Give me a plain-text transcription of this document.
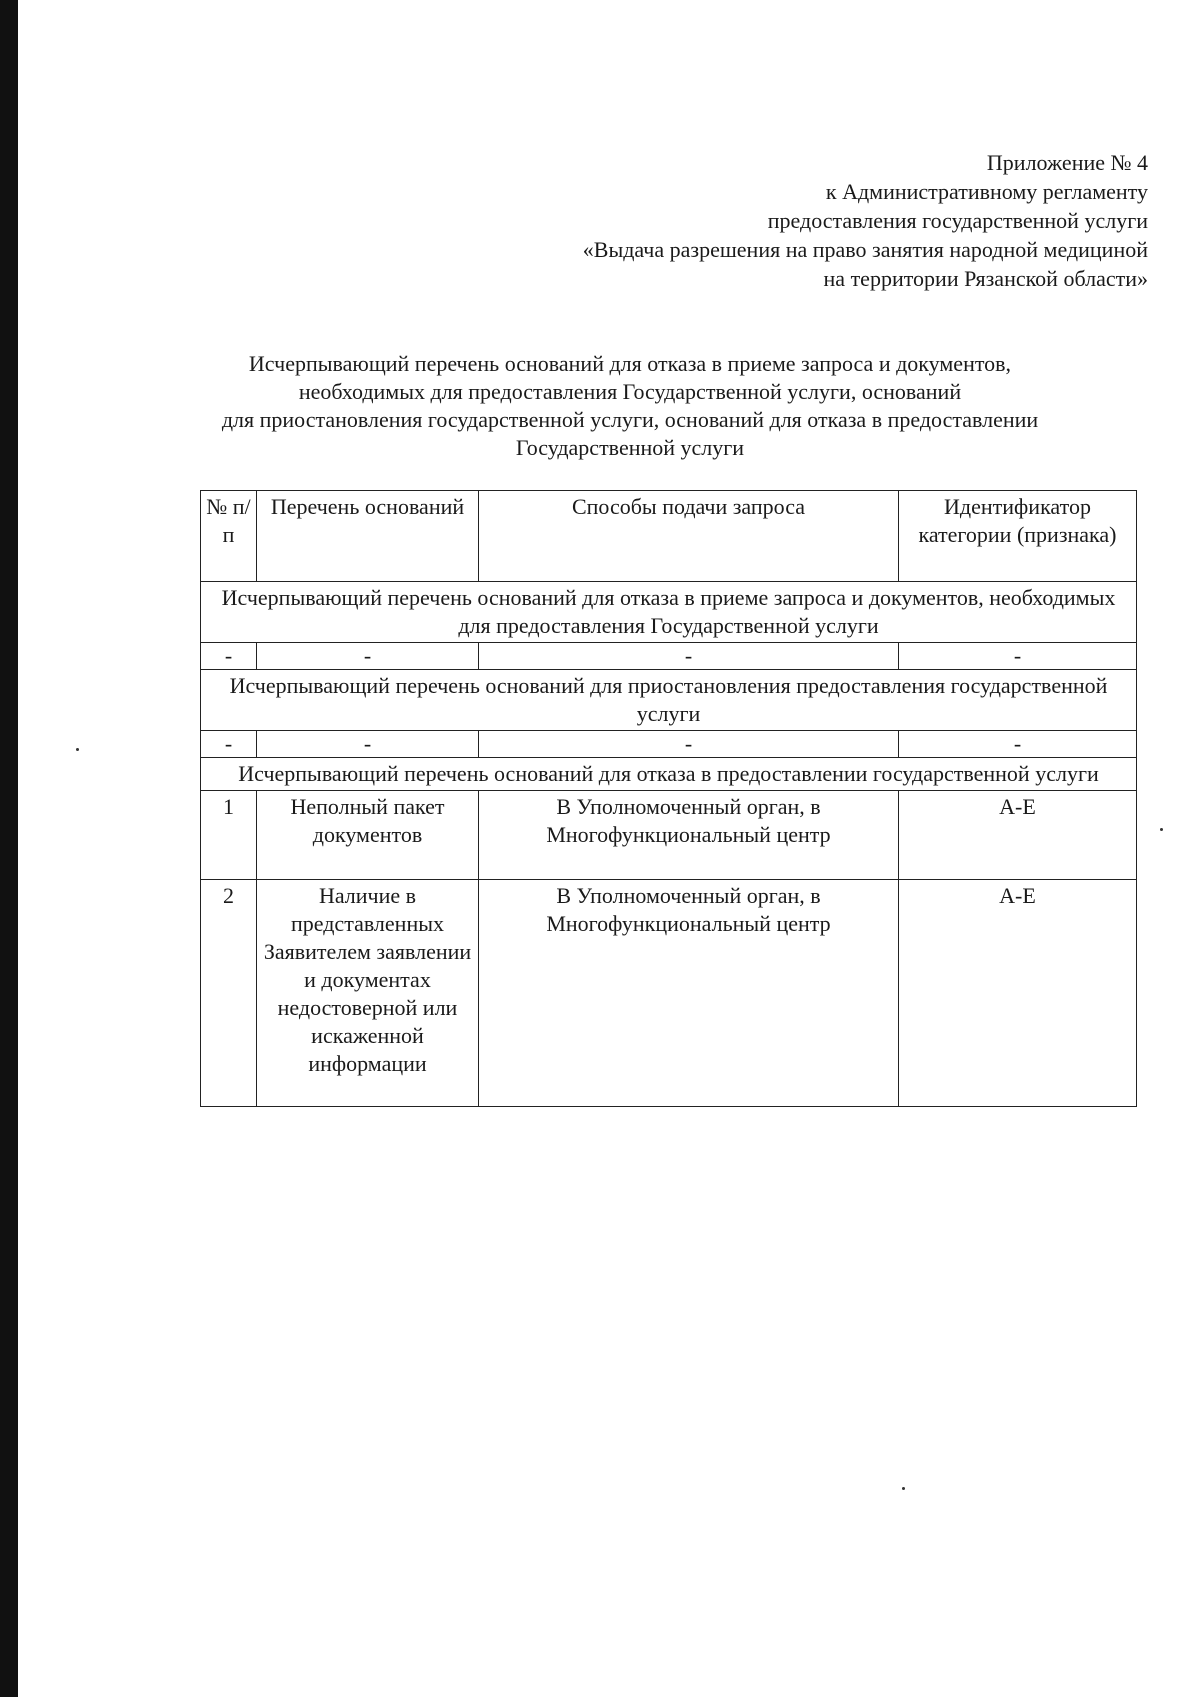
Приложение № 4
к Административному регламенту
предоставления государственной услуги
«Выдача разрешения на право занятия народной медициной
на территории Рязанской области»
Исчерпывающий перечень оснований для отказа в приеме запроса и документов,
необходимых для предоставления Государственной услуги, оснований
для приостановления государственной услуги, оснований для отказа в предоставлении
Государственной услуги
№ п/п	Перечень оснований	Способы подачи запроса	Идентификатор категории (признака)
Исчерпывающий перечень оснований для отказа в приеме запроса и документов, необходимых для предоставления Государственной услуги			
-	-	-	-
Исчерпывающий перечень оснований для приостановления предоставления государственной услуги			
-	-	-	-
Исчерпывающий перечень оснований для отказа в предоставлении государственной услуги			
1	Неполный пакет документов	В Уполномоченный орган, в Многофункциональный центр	А-Е
2	Наличие в представленных Заявителем заявлении и документах недостоверной или искаженной информации	В Уполномоченный орган, в Многофункциональный центр	А-Е
